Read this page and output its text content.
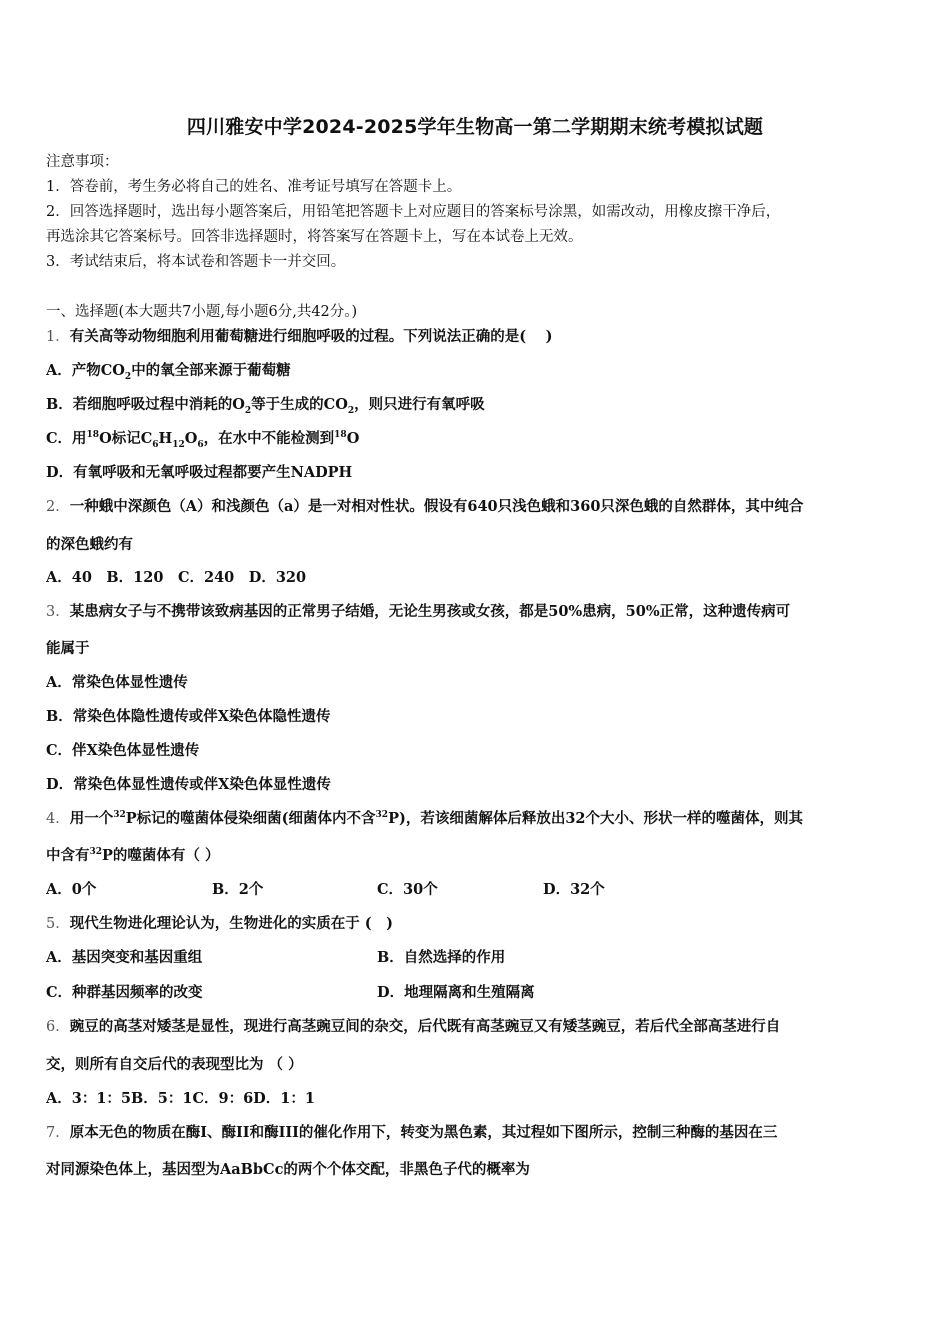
四川雅安中学2024-2025学年生物高一第二学期期末统考模拟试题
注意事项：
1．答卷前，考生务必将自己的姓名、准考证号填写在答题卡上。
2．回答选择题时，选出每小题答案后，用铅笔把答题卡上对应题目的答案标号涂黑，如需改动，用橡皮擦干净后，
再选涂其它答案标号。回答非选择题时，将答案写在答题卡上，写在本试卷上无效。
3．考试结束后，将本试卷和答题卡一并交回。
一、选择题(本大题共7小题,每小题6分,共42分。)
1．有关高等动物细胞利用葡萄糖进行细胞呼吸的过程。下列说法正确的是(　 )
A．产物$CO_2$中的氧全部来源于葡萄糖
B．若细胞呼吸过程中消耗的$O_2$等于生成的$CO_2$，则只进行有氧呼吸
C．用$^{18}$O标记$C_6H_{12}O_6$，在水中不能检测到$^{18}$O
D．有氧呼吸和无氧呼吸过程都要产生NADPH
2．一种蛾中深颜色（A）和浅颜色（a）是一对相对性状。假设有640只浅色蛾和360只深色蛾的自然群体，其中纯合
的深色蛾约有
A．40　B．120　C．240　D．320
3．某患病女子与不携带该致病基因的正常男子结婚，无论生男孩或女孩，都是50%患病，50%正常，这种遗传病可
能属于
A．常染色体显性遗传
B．常染色体隐性遗传或伴X染色体隐性遗传
C．伴X染色体显性遗传
D．常染色体显性遗传或伴X染色体显性遗传
4．用一个$^{32}$P标记的噬菌体侵染细菌(细菌体内不含$^{32}$P)，若该细菌解体后释放出32个大小、形状一样的噬菌体，则其
中含有$^{32}$P的噬菌体有（ ）
A．0个	B．2个	C．30个	D．32个
5．现代生物进化理论认为，生物进化的实质在于 (　)
A．基因突变和基因重组	B．自然选择的作用
C．种群基因频率的改变	D．地理隔离和生殖隔离
6．豌豆的高茎对矮茎是显性，现进行高茎豌豆间的杂交，后代既有高茎豌豆又有矮茎豌豆，若后代全部高茎进行自
交，则所有自交后代的表现型比为 （ ）
A．3：1：5B．5：1C．9：6D．1：1
7．原本无色的物质在酶Ⅰ、酶II和酶III的催化作用下，转变为黑色素，其过程如下图所示，控制三种酶的基因在三
对同源染色体上，基因型为AaBbCc的两个个体交配，非黑色子代的概率为
